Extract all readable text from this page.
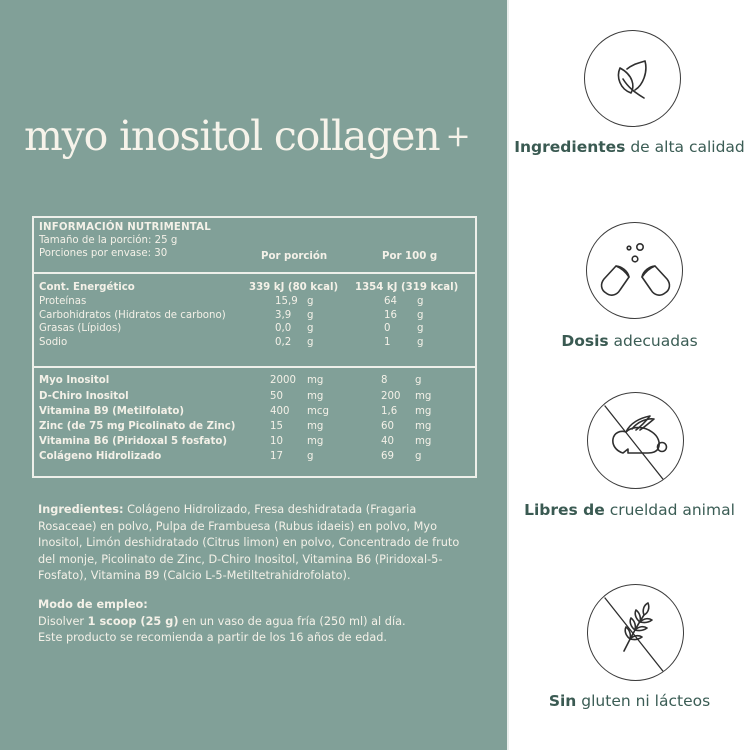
myo inositol collagen +
INFORMACIÓN NUTRIMENTAL
Tamaño de la porción: 25 g
Porciones por envase: 30	Por porción	Por 100 g
Cont. Energético	339 kJ (80 kcal) 1354 kJ (319 kcal)
Proteínas	15,9 g	64 g
Carbohidratos (Hidratos de carbono)	3,9 g	16 g
Grasas (Lípidos)	0,0 g	0	g
Sodio	0,2 g	1	g
Myo Inositol	2000 mg	8	g
D-Chiro Inositol	50 mg	200 mg
Vitamina B9 (Metilfolato)	400 mcg	1,6 mg
Zinc (de 75 mg Picolinato de Zinc)	15 mg	60 mg
Vitamina B6 (Piridoxal 5 fosfato)	10 mg	40 mg
Colágeno Hidrolizado	17 g	69 g
Ingredientes: Colágeno Hidrolizado, Fresa deshidratada (Fragaria Rosaceae) en polvo, Pulpa de Frambuesa (Rubus idaeis) en polvo, Myo Inositol, Limón deshidratado (Citrus limon) en polvo, Concentrado de fruto del monje, Picolinato de Zinc, D-Chiro Inositol, Vitamina B6 (Piridoxal-5-Fosfato), Vitamina B9 (Calcio L-5-Metiltetrahidrofolato).
Modo de empleo:
Disolver 1 scoop (25 g) en un vaso de agua fría (250 ml) al día.
Este producto se recomienda a partir de los 16 años de edad.
Ingredientes de alta calidad
Dosis adecuadas
Libres de crueldad animal
Sin gluten ni lácteos
